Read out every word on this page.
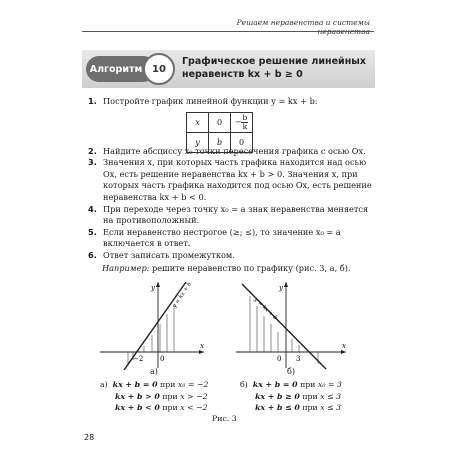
Решаем неравенства и системы неравенства
Алгоритм 10
Графическое решение линейных
неравенств kx + b ≥ 0
1. Постройте график линейной функции y = kx + b:
2. Найдите абсциссу x₀ точки пересечения графика с осью Ох.
3. Значения x, при которых часть графика находится над осью Ох, есть решение неравенства kx + b > 0. Значения x, при которых часть графика находится под осью Ох, есть решение неравенства kx + b < 0.
4. При переходе через точку x₀ = a знак неравенства меняется на противоположный.
5. Если неравенство нестрогое (≥; ≤), то значение x₀ = a включается в ответ.
6. Ответ записать промежутком.
x	0	− $\frac{b}{k}$

y	b	0
Например: решите неравенство по графику (рис. 3, а, б).
y = kx + b
y
x
−2 0
а)
y = kx + b
y
x
3
0
б)
а) kx + b = 0 при x₀ = −2
kx + b > 0 при x > −2
kx + b < 0 при x < −2
б) kx + b = 0 при x₀ = 3
kx + b ≥ 0 при x ≤ 3
kx + b ≤ 0 при x ≤ 3
Рис. 3
28
